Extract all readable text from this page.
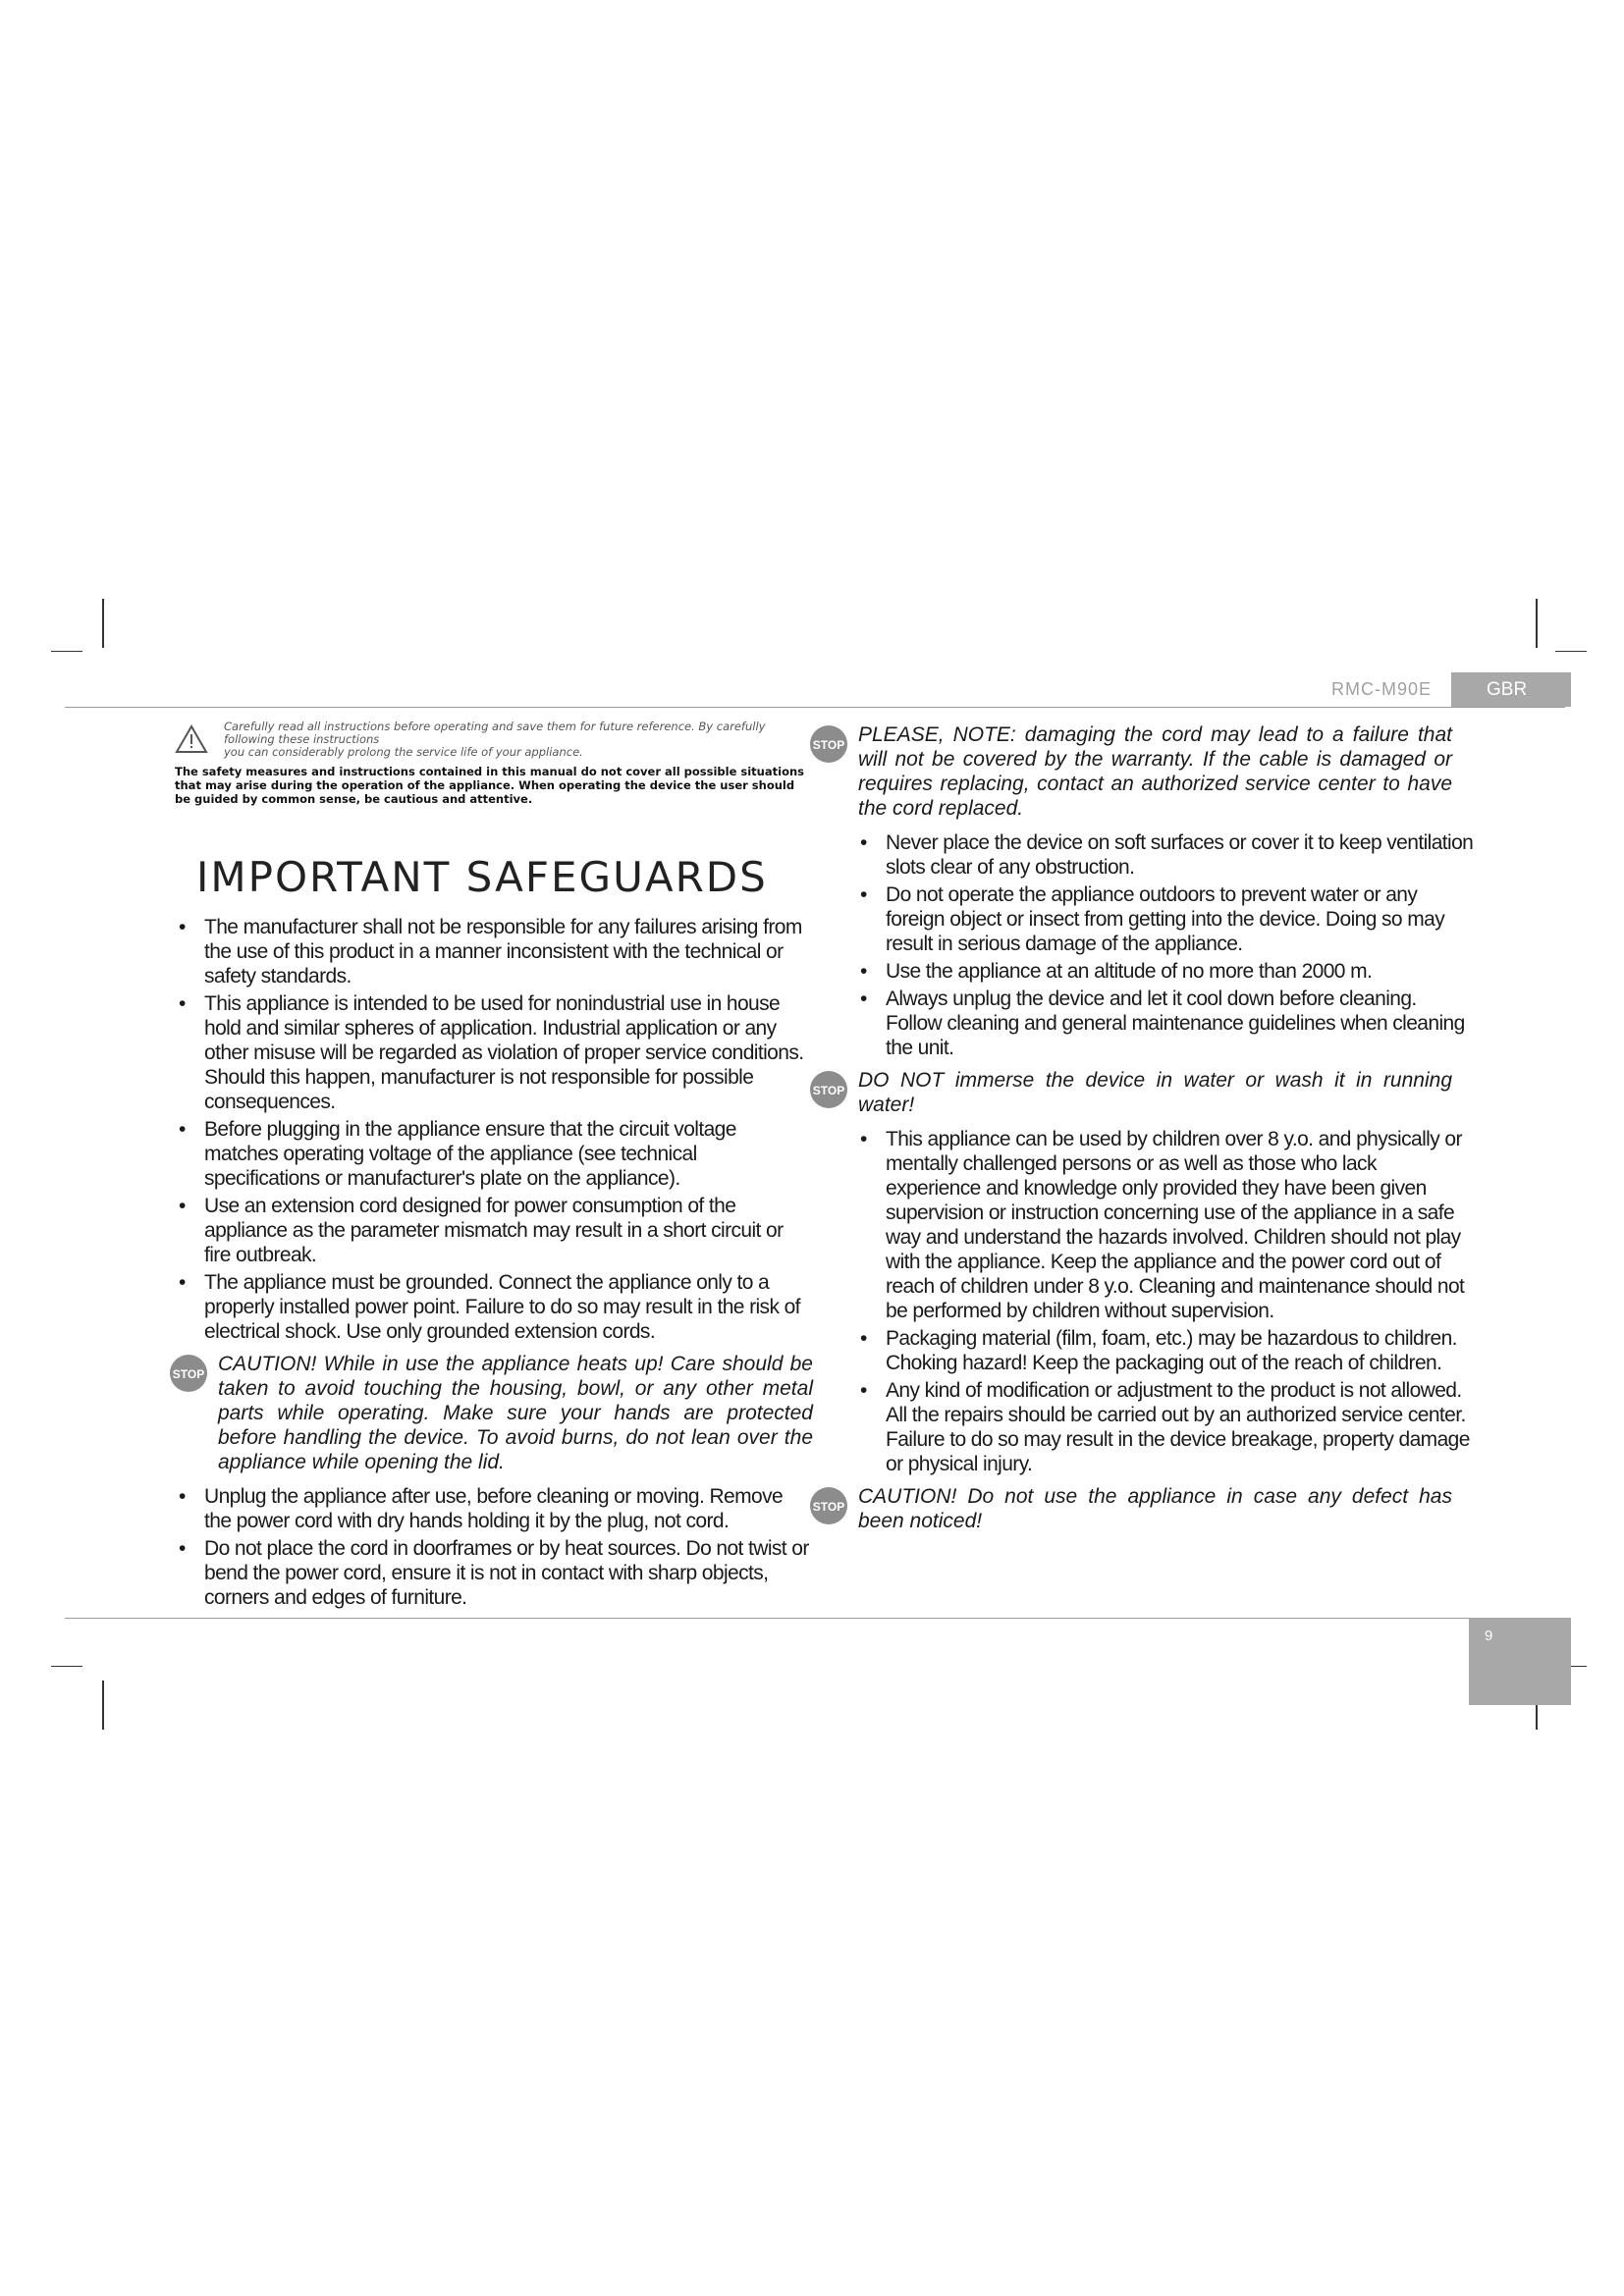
RMC-M90E	GBR
Carefully read all instructions before operating and save them for future reference. By carefully following these instructions
you can considerably prolong the service life of your appliance.
The safety measures and instructions contained in this manual do not cover all possible situations that may arise during the operation of the appliance. When operating the device the user should be guided by common sense, be cautious and attentive.
IMPORTANT SAFEGUARDS
• The manufacturer shall not be responsible for any failures arising from the use of this product in a manner inconsistent with the technical or safety standards.
• This appliance is intended to be used for nonindustrial use in house hold and similar spheres of application. Industrial application or any other misuse will be regarded as violation of proper service conditions. Should this happen, manufacturer is not responsible for possible consequences.
• Before plugging in the appliance ensure that the circuit voltage matches operating voltage of the appliance (see technical specifications or manufacturer's plate on the appliance).
• Use an extension cord designed for power consumption of the appliance as the parameter mismatch may result in a short circuit or fire outbreak.
• The appliance must be grounded. Connect the appliance only to a properly installed power point. Failure to do so may result in the risk of electrical shock. Use only grounded extension cords.
STOP CAUTION! While in use the appliance heats up! Care should be taken to avoid touching the housing, bowl, or any other metal parts while operating. Make sure your hands are protected before handling the device. To avoid burns, do not lean over the appliance while opening the lid.
• Unplug the appliance after use, before cleaning or moving. Remove the power cord with dry hands holding it by the plug, not cord.
• Do not place the cord in doorframes or by heat sources. Do not twist or bend the power cord, ensure it is not in contact with sharp objects, corners and edges of furniture.
STOP PLEASE, NOTE: damaging the cord may lead to a failure that will not be covered by the warranty. If the cable is damaged or requires replacing, contact an authorized service center to have the cord replaced.
• Never place the device on soft surfaces or cover it to keep ventilation slots clear of any obstruction.
• Do not operate the appliance outdoors to prevent water or any foreign object or insect from getting into the device. Doing so may result in serious damage of the appliance.
• Use the appliance at an altitude of no more than 2000 m.
• Always unplug the device and let it cool down before cleaning. Follow cleaning and general maintenance guidelines when cleaning the unit.
STOP DO NOT immerse the device in water or wash it in running water!
• This appliance can be used by children over 8 y.o. and physically or mentally challenged persons or as well as those who lack experience and knowledge only provided they have been given supervision or instruction concerning use of the appliance in a safe way and understand the hazards involved. Children should not play with the appliance. Keep the appliance and the power cord out of reach of children under 8 y.o. Cleaning and maintenance should not be performed by children without supervision.
• Packaging material (film, foam, etc.) may be hazardous to children. Choking hazard! Keep the packaging out of the reach of children.
• Any kind of modification or adjustment to the product is not allowed. All the repairs should be carried out by an authorized service center. Failure to do so may result in the device breakage, property damage or physical injury.
STOP CAUTION! Do not use the appliance in case any defect has been noticed!
9
